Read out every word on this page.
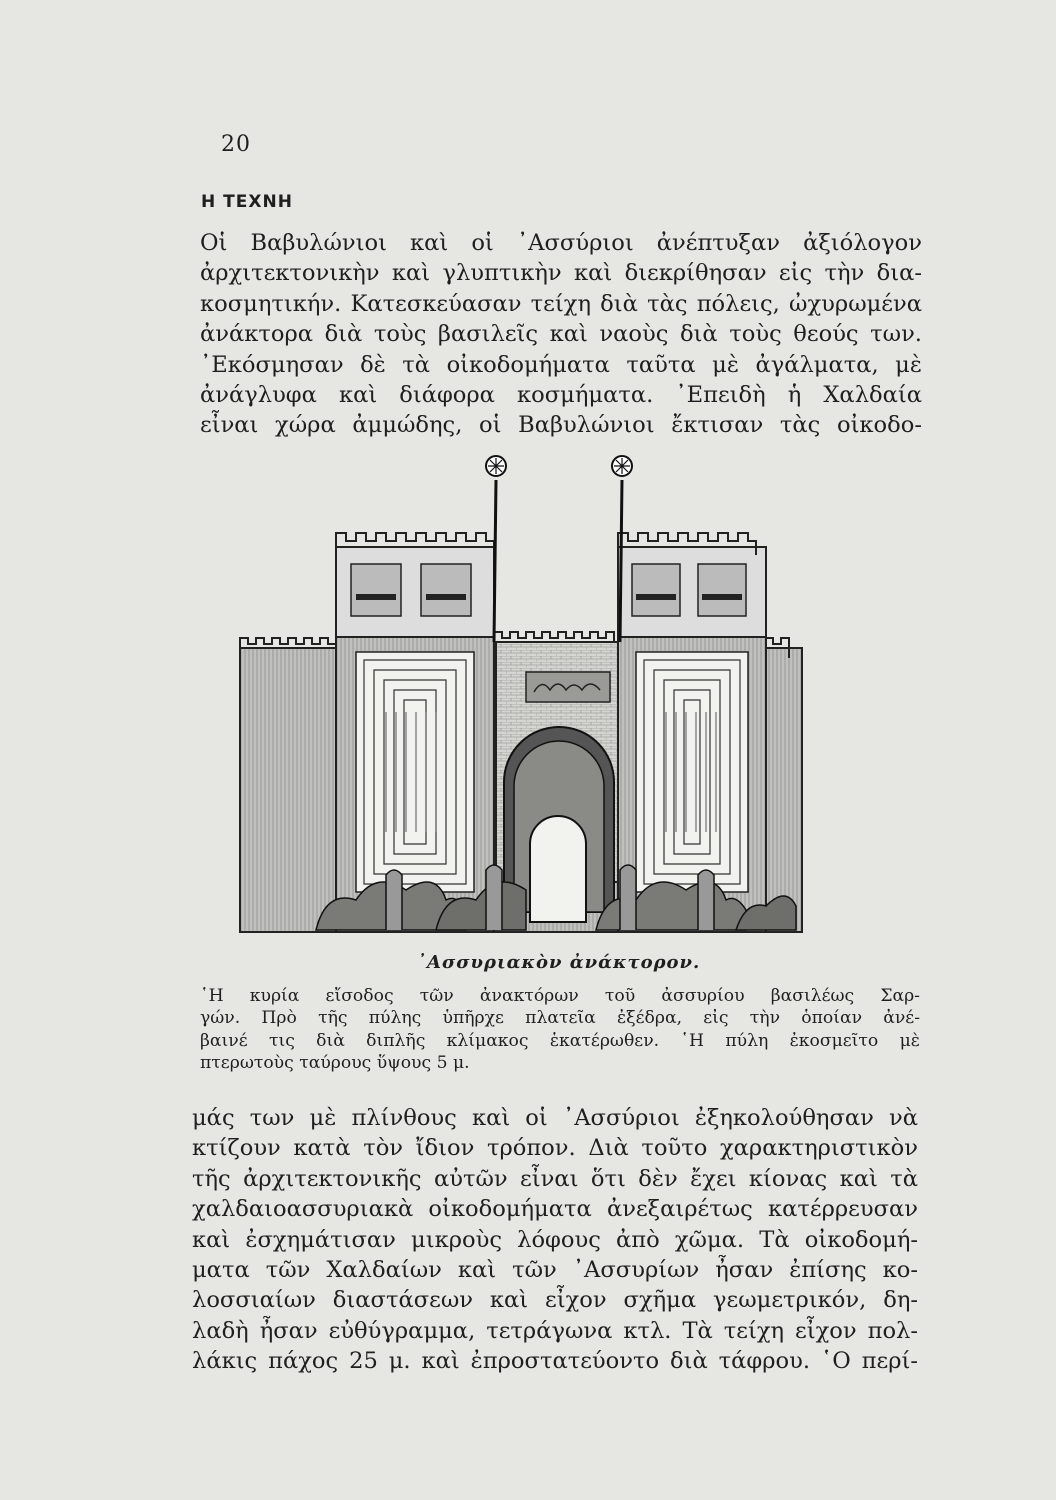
20
Η ΤΕΧΝΗ
Οἱ Βαβυλώνιοι καὶ οἱ ᾿Ασσύριοι ἀνέπτυξαν ἀξιόλογον
ἀρχιτεκτονικὴν καὶ γλυπτικὴν καὶ διεκρίθησαν εἰς τὴν δια-
κοσμητικήν. Κατεσκεύασαν τείχη διὰ τὰς πόλεις, ὠχυρωμένα
ἀνάκτορα διὰ τοὺς βασιλεῖς καὶ ναοὺς διὰ τοὺς θεούς των.
᾿Εκόσμησαν δὲ τὰ οἰκοδομήματα ταῦτα μὲ ἀγάλματα, μὲ
ἀνάγλυφα καὶ διάφορα κοσμήματα. ᾿Επειδὴ ἡ Χαλδαία
εἶναι χώρα ἀμμώδης, οἱ Βαβυλώνιοι ἔκτισαν τὰς οἰκοδο-
᾿Ασσυριακὸν ἀνάκτορον.
῾Η κυρία εἴσοδος τῶν ἀνακτόρων τοῦ ἀσσυρίου βασιλέως Σαρ-
γών. Πρὸ τῆς πύλης ὑπῆρχε πλατεῖα ἐξέδρα, εἰς τὴν ὁποίαν ἀνέ-
βαινέ τις διὰ διπλῆς κλίμακος ἑκατέρωθεν. ῾Η πύλη ἐκοσμεῖτο μὲ
πτερωτοὺς ταύρους ὕψους 5 μ.
μάς των μὲ πλίνθους καὶ οἱ ᾿Ασσύριοι ἐξηκολούθησαν νὰ
κτίζουν κατὰ τὸν ἴδιον τρόπον. Διὰ τοῦτο χαρακτηριστικὸν
τῆς ἀρχιτεκτονικῆς αὐτῶν εἶναι ὅτι δὲν ἔχει κίονας καὶ τὰ
χαλδαιοασσυριακὰ οἰκοδομήματα ἀνεξαιρέτως κατέρρευσαν
καὶ ἐσχημάτισαν μικροὺς λόφους ἀπὸ χῶμα. Τὰ οἰκοδομή-
ματα τῶν Χαλδαίων καὶ τῶν ᾿Ασσυρίων ἦσαν ἐπίσης κο-
λοσσιαίων διαστάσεων καὶ εἶχον σχῆμα γεωμετρικόν, δη-
λαδὴ ἦσαν εὐθύγραμμα, τετράγωνα κτλ. Τὰ τείχη εἶχον πολ-
λάκις πάχος 25 μ. καὶ ἐπροστατεύοντο διὰ τάφρου. ῾Ο περί-
